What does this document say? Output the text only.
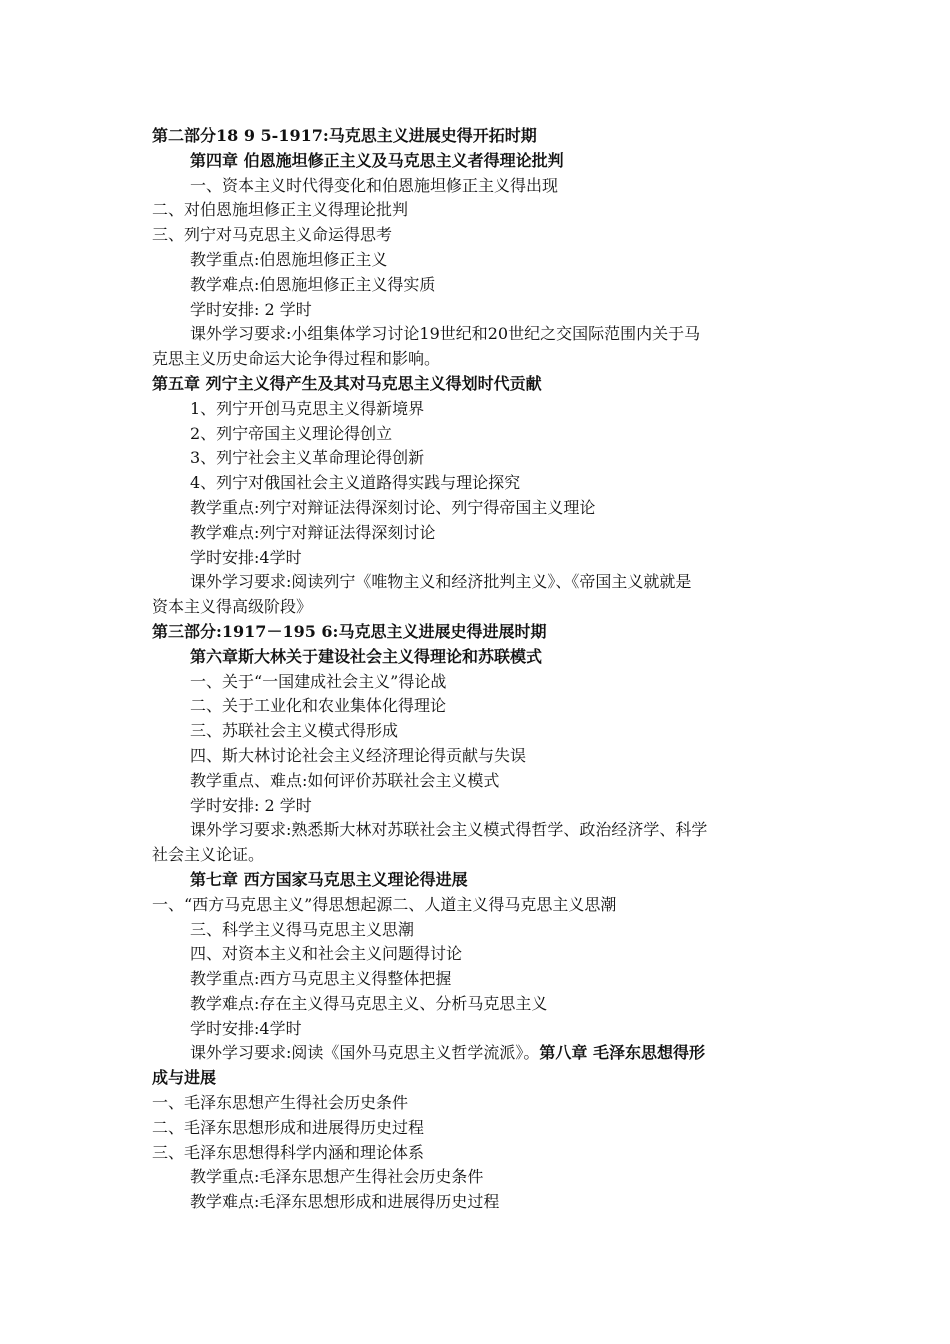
第二部分18 9 5-1917:马克思主义进展史得开拓时期
第四章 伯恩施坦修正主义及马克思主义者得理论批判
一、资本主义时代得变化和伯恩施坦修正主义得出现
二、对伯恩施坦修正主义得理论批判
三、列宁对马克思主义命运得思考
教学重点:伯恩施坦修正主义
教学难点:伯恩施坦修正主义得实质
学时安排: 2 学时
课外学习要求:小组集体学习讨论19世纪和20世纪之交国际范围内关于马
克思主义历史命运大论争得过程和影响。
第五章 列宁主义得产生及其对马克思主义得划时代贡献
1、列宁开创马克思主义得新境界
2、列宁帝国主义理论得创立
3、列宁社会主义革命理论得创新
4、列宁对俄国社会主义道路得实践与理论探究
教学重点:列宁对辩证法得深刻讨论、列宁得帝国主义理论
教学难点:列宁对辩证法得深刻讨论
学时安排:4学时
课外学习要求:阅读列宁《唯物主义和经济批判主义》、《帝国主义就就是
资本主义得高级阶段》
第三部分:1917－195 6:马克思主义进展史得进展时期
第六章斯大林关于建设社会主义得理论和苏联模式
一、关于“一国建成社会主义”得论战
二、关于工业化和农业集体化得理论
三、苏联社会主义模式得形成
四、斯大林讨论社会主义经济理论得贡献与失误
教学重点、难点:如何评价苏联社会主义模式
学时安排: 2 学时
课外学习要求:熟悉斯大林对苏联社会主义模式得哲学、政治经济学、科学
社会主义论证。
第七章 西方国家马克思主义理论得进展
一、“西方马克思主义”得思想起源二、人道主义得马克思主义思潮
三、科学主义得马克思主义思潮
四、对资本主义和社会主义问题得讨论
教学重点:西方马克思主义得整体把握
教学难点:存在主义得马克思主义、分析马克思主义
学时安排:4学时
课外学习要求:阅读《国外马克思主义哲学流派》。第八章 毛泽东思想得形
成与进展
一、毛泽东思想产生得社会历史条件
二、毛泽东思想形成和进展得历史过程
三、毛泽东思想得科学内涵和理论体系
教学重点:毛泽东思想产生得社会历史条件
教学难点:毛泽东思想形成和进展得历史过程
